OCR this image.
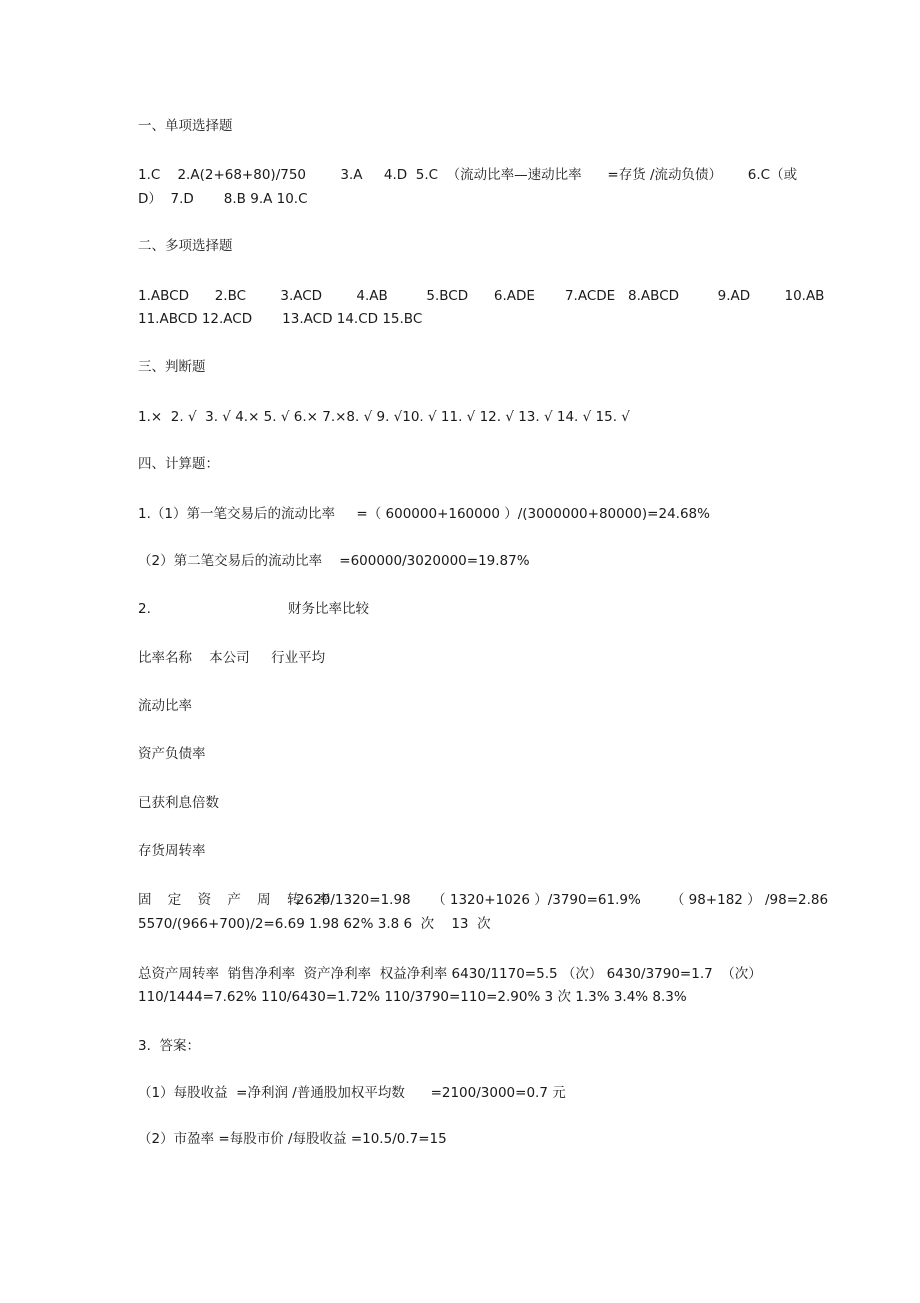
一、单项选择题
1.C    2.A(2+68+80)/750        3.A     4.D  5.C  （流动比率—速动比率      =存货 /流动负债）      6.C（或
D）  7.D       8.B 9.A 10.C
二、多项选择题
1.ABCD      2.BC        3.ACD        4.AB         5.BCD      6.ADE       7.ACDE   8.ABCD         9.AD        10.AB
11.ABCD 12.ACD       13.ACD 14.CD 15.BC
三、判断题
1.×  2. √  3. √ 4.× 5. √ 6.× 7.×8. √ 9. √10. √ 11. √ 12. √ 13. √ 14. √ 15. √
四、计算题：
1.（1）第一笔交易后的流动比率     =（ 600000+160000 ）/(3000000+80000)=24.68%
（2）第二笔交易后的流动比率    =600000/3020000=19.87%
2.	财务比率比较
比率名称    本公司     行业平均
流动比率
资产负债率
已获利息倍数
存货周转率
固 定 资 产 周 转 率
2620/1320=1.98     （ 1320+1026 ）/3790=61.9%       （ 98+182 ） /98=2.86
5570/(966+700)/2=6.69 1.98 62% 3.8 6  次    13  次
总资产周转率  销售净利率  资产净利率  权益净利率 6430/1170=5.5 （次） 6430/3790=1.7  （次）
110/1444=7.62% 110/6430=1.72% 110/3790=110=2.90% 3 次 1.3% 3.4% 8.3%
3.  答案：
（1）每股收益  =净利润 /普通股加权平均数      =2100/3000=0.7 元
（2）市盈率 =每股市价 /每股收益 =10.5/0.7=15
